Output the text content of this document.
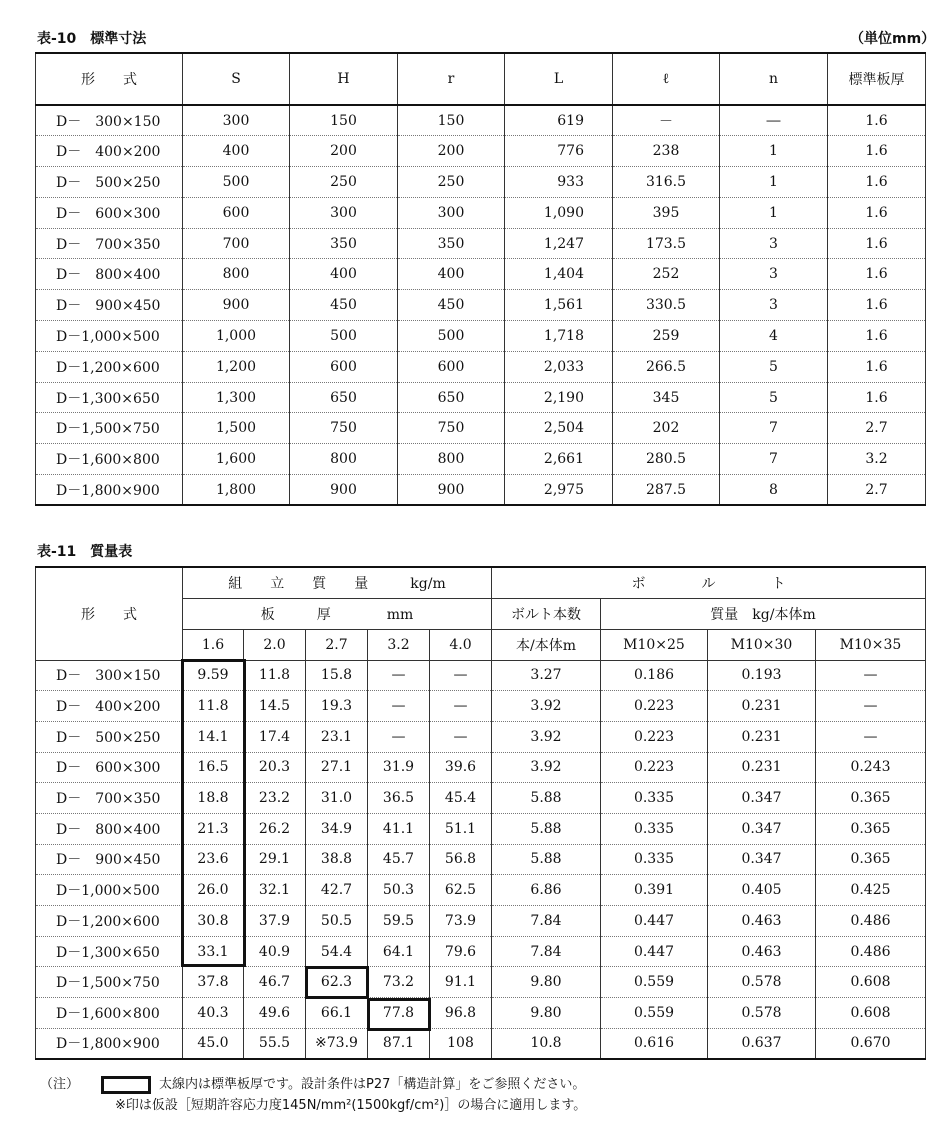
表-10　標準寸法	（単位mm）
形　　式	S	H	r	L	ℓ	n	標準板厚
D－　300×150	300	150	150	619	－	―	1.6
D－　400×200	400	200	200	776	238	1	1.6
D－　500×250	500	250	250	933	316.5	1	1.6
D－　600×300	600	300	300	1,090	395	1	1.6
D－　700×350	700	350	350	1,247	173.5	3	1.6
D－　800×400	800	400	400	1,404	252	3	1.6
D－　900×450	900	450	450	1,561	330.5	3	1.6
D－1,000×500	1,000	500	500	1,718	259	4	1.6
D－1,200×600	1,200	600	600	2,033	266.5	5	1.6
D－1,300×650	1,300	650	650	2,190	345	5	1.6
D－1,500×750	1,500	750	750	2,504	202	7	2.7
D－1,600×800	1,600	800	800	2,661	280.5	7	3.2
D－1,800×900	1,800	900	900	2,975	287.5	8	2.7
表-11　質量表
形　　式	組　　立　　質　　量　　　kg/m					ボ　　　　ル　　　　ト			
	板　　　厚　　　　mm					ボルト本数	質量　kg/本体m		
	1.6	2.0	2.7	3.2	4.0	本/本体m	M10×25	M10×30	M10×35
D－　300×150	9.59	11.8	15.8	—	—	3.27	0.186	0.193	—
D－　400×200	11.8	14.5	19.3	—	—	3.92	0.223	0.231	—
D－　500×250	14.1	17.4	23.1	—	—	3.92	0.223	0.231	—
D－　600×300	16.5	20.3	27.1	31.9	39.6	3.92	0.223	0.231	0.243
D－　700×350	18.8	23.2	31.0	36.5	45.4	5.88	0.335	0.347	0.365
D－　800×400	21.3	26.2	34.9	41.1	51.1	5.88	0.335	0.347	0.365
D－　900×450	23.6	29.1	38.8	45.7	56.8	5.88	0.335	0.347	0.365
D－1,000×500	26.0	32.1	42.7	50.3	62.5	6.86	0.391	0.405	0.425
D－1,200×600	30.8	37.9	50.5	59.5	73.9	7.84	0.447	0.463	0.486
D－1,300×650	33.1	40.9	54.4	64.1	79.6	7.84	0.447	0.463	0.486
D－1,500×750	37.8	46.7	62.3	73.2	91.1	9.80	0.559	0.578	0.608
D－1,600×800	40.3	49.6	66.1	77.8	96.8	9.80	0.559	0.578	0.608
D－1,800×900	45.0	55.5	※73.9	87.1	108	10.8	0.616	0.637	0.670
（注）	太線内は標準板厚です。設計条件はP27「構造計算」をご参照ください。
※印は仮設［短期許容応力度145N/mm²(1500kgf/cm²)］の場合に適用します。
